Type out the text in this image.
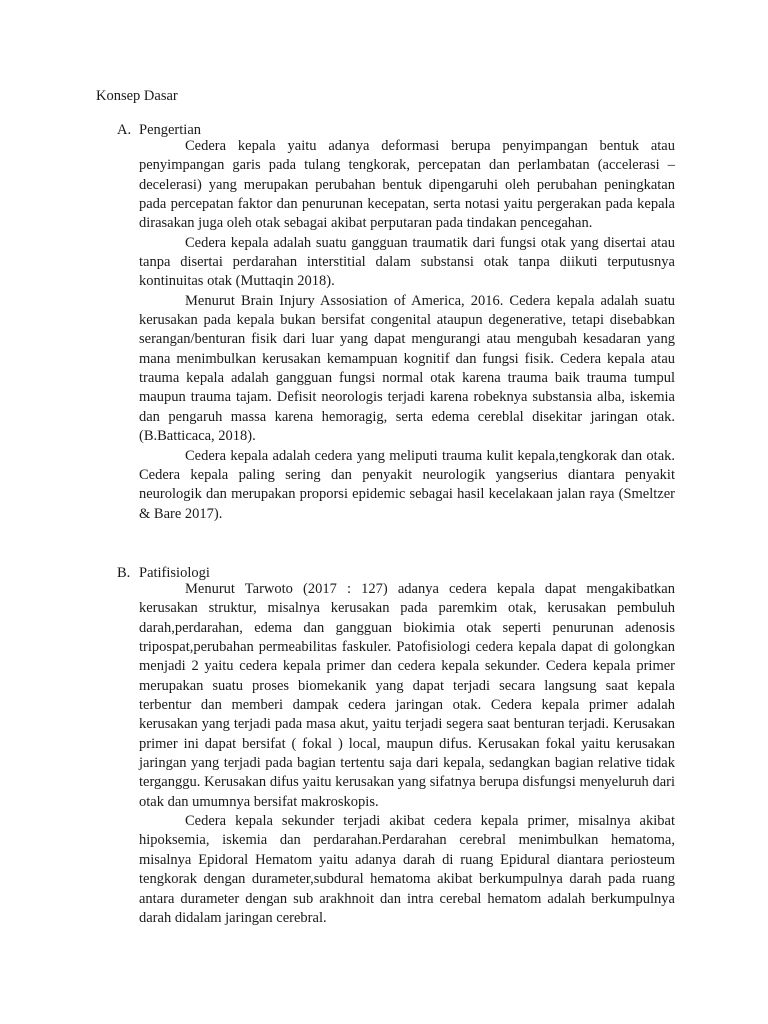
Konsep Dasar
A. Pengertian

Cedera kepala yaitu adanya deformasi berupa penyimpangan bentuk atau penyimpangan garis pada tulang tengkorak, percepatan dan perlambatan (accelerasi – decelerasi) yang merupakan perubahan bentuk dipengaruhi oleh perubahan peningkatan pada percepatan faktor dan penurunan kecepatan, serta notasi yaitu pergerakan pada kepala dirasakan juga oleh otak sebagai akibat perputaran pada tindakan pencegahan.

Cedera kepala adalah suatu gangguan traumatik dari fungsi otak yang disertai atau tanpa disertai perdarahan interstitial dalam substansi otak tanpa diikuti terputusnya kontinuitas otak (Muttaqin 2018).

Menurut Brain Injury Assosiation of America, 2016. Cedera kepala adalah suatu kerusakan pada kepala bukan bersifat congenital ataupun degenerative, tetapi disebabkan serangan/benturan fisik dari luar yang dapat mengurangi atau mengubah kesadaran yang mana menimbulkan kerusakan kemampuan kognitif dan fungsi fisik. Cedera kepala atau trauma kepala adalah gangguan fungsi normal otak karena trauma baik trauma tumpul maupun trauma tajam. Defisit neorologis terjadi karena robeknya substansia alba, iskemia dan pengaruh massa karena hemoragig, serta edema cereblal disekitar jaringan otak. (B.Batticaca, 2018).

Cedera kepala adalah cedera yang meliputi trauma kulit kepala,tengkorak dan otak. Cedera kepala paling sering dan penyakit neurologik yangserius diantara penyakit neurologik dan merupakan proporsi epidemic sebagai hasil kecelakaan jalan raya (Smeltzer & Bare 2017).

B. Patifisiologi

Menurut Tarwoto (2017 : 127) adanya cedera kepala dapat mengakibatkan kerusakan struktur, misalnya kerusakan pada paremkim otak, kerusakan pembuluh darah,perdarahan, edema dan gangguan biokimia otak seperti penurunan adenosis tripospat,perubahan permeabilitas faskuler. Patofisiologi cedera kepala dapat di golongkan menjadi 2 yaitu cedera kepala primer dan cedera kepala sekunder. Cedera kepala primer merupakan suatu proses biomekanik yang dapat terjadi secara langsung saat kepala terbentur dan memberi dampak cedera jaringan otak. Cedera kepala primer adalah kerusakan yang terjadi pada masa akut, yaitu terjadi segera saat benturan terjadi. Kerusakan primer ini dapat bersifat ( fokal ) local, maupun difus. Kerusakan fokal yaitu kerusakan jaringan yang terjadi pada bagian tertentu saja dari kepala, sedangkan bagian relative tidak terganggu. Kerusakan difus yaitu kerusakan yang sifatnya berupa disfungsi menyeluruh dari otak dan umumnya bersifat makroskopis.

Cedera kepala sekunder terjadi akibat cedera kepala primer, misalnya akibat hipoksemia, iskemia dan perdarahan.Perdarahan cerebral menimbulkan hematoma, misalnya Epidoral Hematom yaitu adanya darah di ruang Epidural diantara periosteum tengkorak dengan durameter,subdural hematoma akibat berkumpulnya darah pada ruang antara durameter dengan sub arakhnoit dan intra cerebal hematom adalah berkumpulnya darah didalam jaringan cerebral.
